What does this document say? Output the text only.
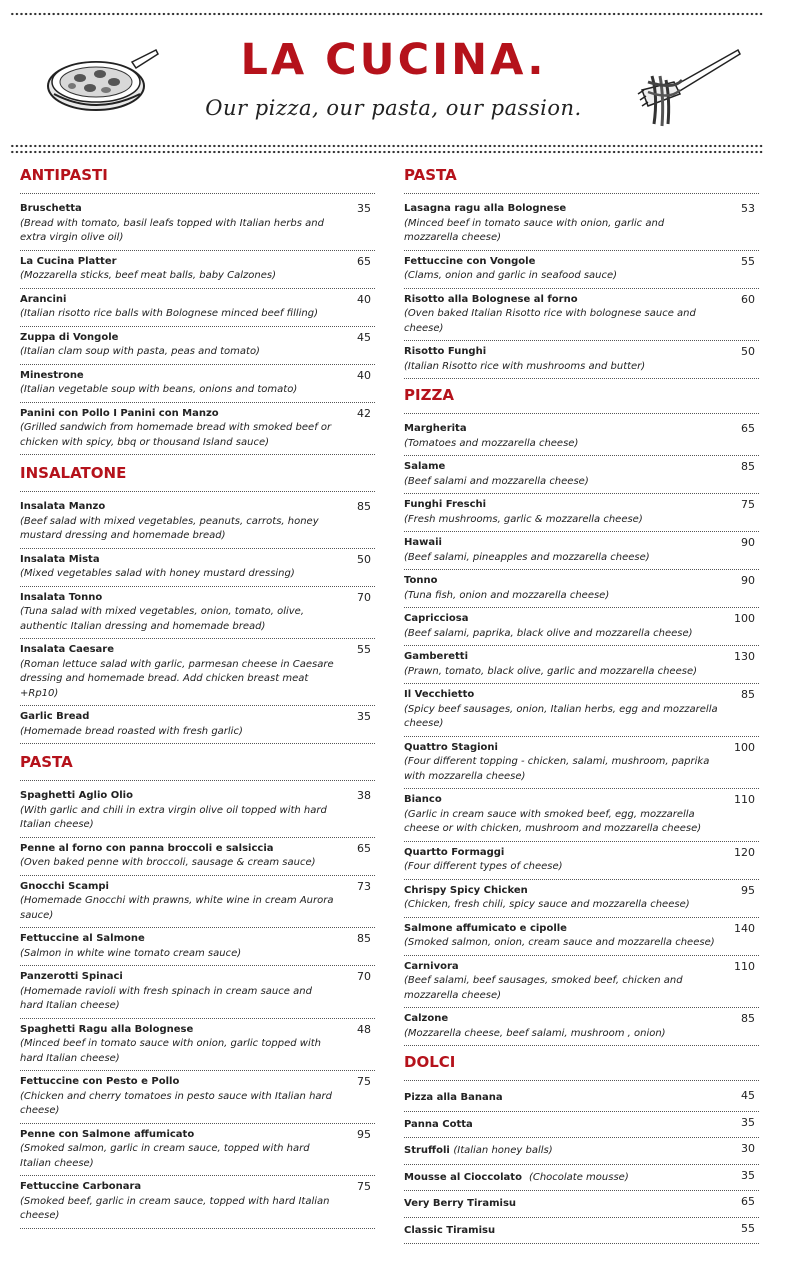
LA CUCINA.
Our pizza, our pasta, our passion.
ANTIPASTI
Bruschetta
(Bread with tomato, basil leafs topped with Italian herbs and extra virgin olive oil)
35
La Cucina Platter
(Mozzarella sticks, beef meat balls, baby Calzones)
65
Arancini
(Italian risotto rice balls with Bolognese minced beef filling)
40
Zuppa di Vongole
(Italian clam soup with pasta, peas and tomato)
45
Minestrone
(Italian vegetable soup with beans, onions and tomato)
40
Panini con Pollo I Panini con Manzo
(Grilled sandwich from homemade bread with smoked beef or chicken with spicy, bbq or thousand Island sauce)
42
INSALATONE
Insalata Manzo
(Beef salad with mixed vegetables, peanuts, carrots, honey mustard dressing and homemade bread)
85
Insalata Mista
(Mixed vegetables salad with honey mustard dressing)
50
Insalata Tonno
(Tuna salad with mixed vegetables, onion, tomato, olive, authentic Italian dressing and homemade bread)
70
Insalata Caesare
(Roman lettuce salad with garlic, parmesan cheese in Caesare dressing and homemade bread. Add chicken breast meat +Rp10)
55
Garlic Bread
(Homemade bread roasted with fresh garlic)
35
PASTA
Spaghetti Aglio Olio
(With garlic and chili in extra virgin olive oil topped with hard Italian cheese)
38
Penne al forno con panna broccoli e salsiccia
(Oven baked penne with broccoli, sausage & cream sauce)
65
Gnocchi Scampi
(Homemade Gnocchi with prawns, white wine in cream Aurora sauce)
73
Fettuccine al Salmone
(Salmon in white wine tomato cream sauce)
85
Panzerotti Spinaci
(Homemade ravioli with fresh spinach in cream sauce and hard Italian cheese)
70
Spaghetti Ragu alla Bolognese
(Minced beef in tomato sauce with onion, garlic topped with hard Italian cheese)
48
Fettuccine con Pesto e Pollo
(Chicken and cherry tomatoes in pesto sauce with Italian hard cheese)
75
Penne con Salmone affumicato
(Smoked salmon, garlic in cream sauce, topped with hard Italian cheese)
95
Fettuccine Carbonara
(Smoked beef, garlic in cream sauce, topped with hard Italian cheese)
75
PASTA
Lasagna ragu alla Bolognese
(Minced beef in tomato sauce with onion, garlic and mozzarella cheese)
53
Fettuccine con Vongole
(Clams, onion and garlic in seafood sauce)
55
Risotto alla Bolognese al forno
(Oven baked Italian Risotto rice with bolognese sauce and cheese)
60
Risotto Funghi
(Italian Risotto rice with mushrooms and butter)
50
PIZZA
Margherita
(Tomatoes and mozzarella cheese)
65
Salame
(Beef salami and mozzarella cheese)
85
Funghi Freschi
(Fresh mushrooms, garlic & mozzarella cheese)
75
Hawaii
(Beef salami, pineapples and mozzarella cheese)
90
Tonno
(Tuna fish, onion and mozzarella cheese)
90
Capricciosa
(Beef salami, paprika, black olive and mozzarella cheese)
100
Gamberetti
(Prawn, tomato, black olive, garlic and mozzarella cheese)
130
Il Vecchietto
(Spicy beef sausages, onion, Italian herbs, egg and mozzarella cheese)
85
Quattro Stagioni
(Four different topping - chicken, salami, mushroom, paprika with mozzarella cheese)
100
Bianco
(Garlic in cream sauce with smoked beef, egg, mozzarella cheese or with chicken, mushroom and mozzarella cheese)
110
Quartto Formaggi
(Four different types of cheese)
120
Chrispy Spicy Chicken
(Chicken, fresh chili, spicy sauce and mozzarella cheese)
95
Salmone affumicato e cipolle
(Smoked salmon, onion, cream sauce and mozzarella cheese)
140
Carnivora
(Beef salami, beef sausages, smoked beef, chicken and mozzarella cheese)
110
Calzone
(Mozzarella cheese, beef salami, mushroom , onion)
85
DOLCI
Pizza alla Banana	45
Panna Cotta	35
Struffoli (Italian honey balls)	30
Mousse al Cioccolato (Chocolate mousse)	35
Very Berry Tiramisu	65
Classic Tiramisu	55
